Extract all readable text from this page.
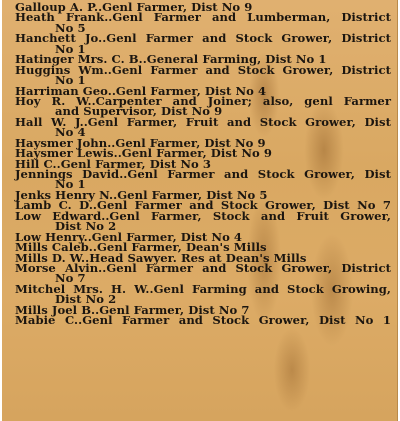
Galloup A. P..Genl Farmer, Dist No 9
Heath Frank..Genl Farmer and Lumberman, District
No 5
Hanchett Jo..Genl Farmer and Stock Grower, District
No 1
Hatinger Mrs. C. B..General Farming, Dist No 1
Huggins Wm..Genl Farmer and Stock Grower, District
No 1
Harriman Geo..Genl Farmer, Dist No 4
Hoy R. W..Carpenter and Joiner; also, genl Farmer
and Supervisor, Dist No 9
Hall W. J..Genl Farmer, Fruit and Stock Grower, Dist
No 4
Haysmer John..Genl Farmer, Dist No 9
Haysmer Lewis..Genl Farmer, Dist No 9
Hill C..Genl Farmer, Dist No 3
Jennings David..Genl Farmer and Stock Grower, Dist
No 1
Jenks Henry N..Genl Farmer, Dist No 5
Lamb C. D..Genl Farmer and Stock Grower, Dist No 7
Low Edward..Genl Farmer, Stock and Fruit Grower,
Dist No 2
Low Henry..Genl Farmer, Dist No 4
Mills Caleb..Genl Farmer, Dean's Mills
Mills D. W..Head Sawyer. Res at Dean's Mills
Morse Alvin..Genl Farmer and Stock Grower, District
No 7
Mitchel Mrs. H. W..Genl Farming and Stock Growing,
Dist No 2
Mills Joel B..Genl Farmer, Dist No 7
Mabie C..Genl Farmer and Stock Grower, Dist No 1
